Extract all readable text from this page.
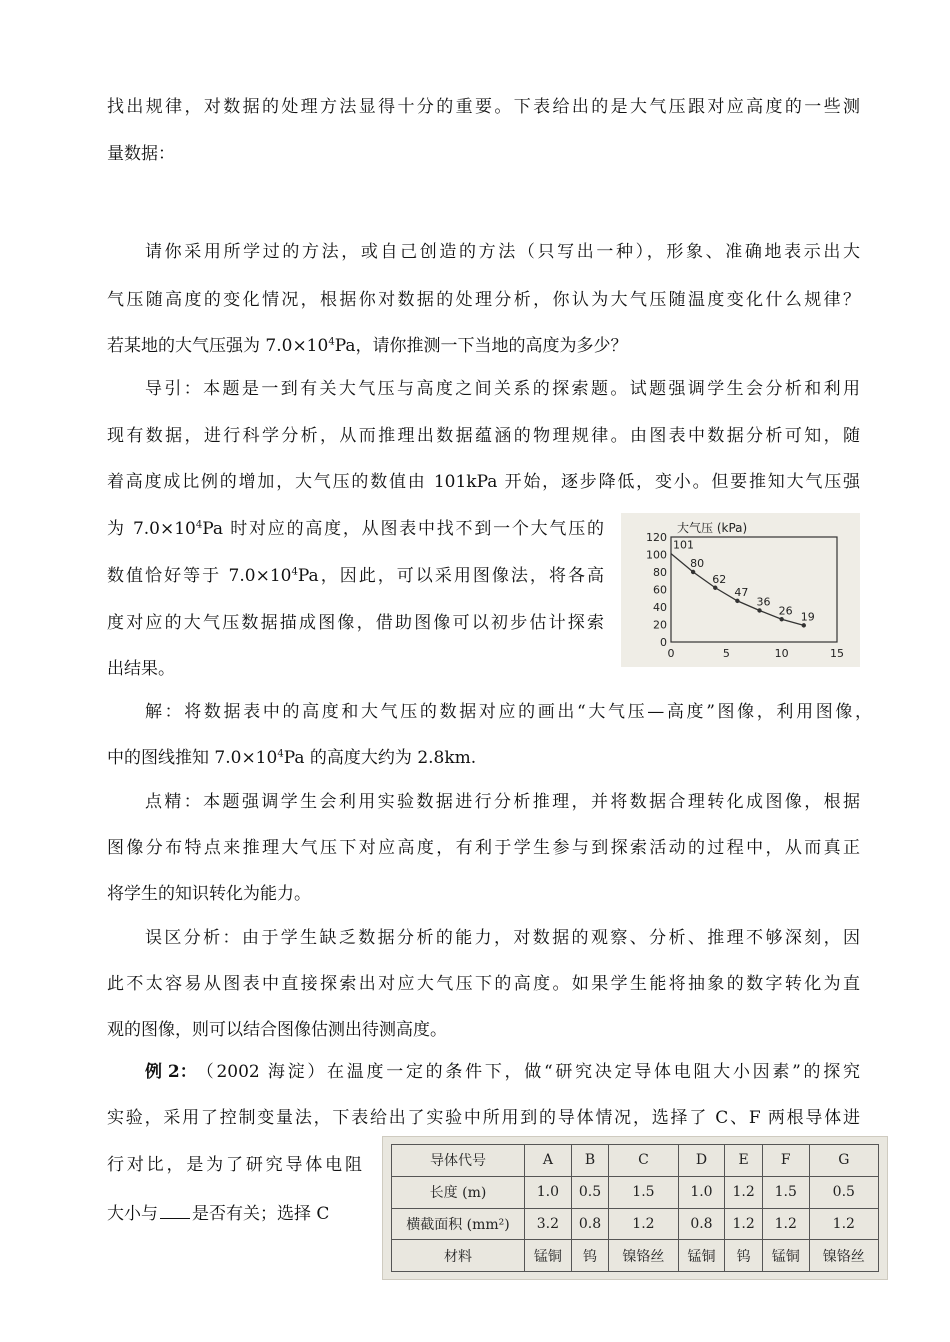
找出规律，对数据的处理方法显得十分的重要。下表给出的是大气压跟对应高度的一些测
量数据：
请你采用所学过的方法，或自己创造的方法（只写出一种），形象、准确地表示出大
气压随高度的变化情况，根据你对数据的处理分析，你认为大气压随温度变化什么规律？
若某地的大气压强为 $7.0\times 10^4Pa$，请你推测一下当地的高度为多少？
导引：本题是一到有关大气压与高度之间关系的探索题。试题强调学生会分析和利用
现有数据，进行科学分析，从而推理出数据蕴涵的物理规律。由图表中数据分析可知，随
着高度成比例的增加，大气压的数值由 101kPa 开始，逐步降低，变小。但要推知大气压强
为 $7.0\times 10^4Pa$ 时对应的高度，从图表中找不到一个大气压的
数值恰好等于 $7.0\times 10^4Pa$，因此，可以采用图像法，将各高
度对应的大气压数据描成图像，借助图像可以初步估计探索
出结果。
大气压 (kPa)
0
20
40
60
80
100
120
0	5	10	15
101
80
62
47
36
26 19
解：将数据表中的高度和大气压的数据对应的画出“大气压—高度”图像，利用图像，
中的图线推知 $7.0\times 10^4Pa$ 的高度大约为 2.8km.
点精：本题强调学生会利用实验数据进行分析推理，并将数据合理转化成图像，根据
图像分布特点来推理大气压下对应高度，有利于学生参与到探索活动的过程中，从而真正
将学生的知识转化为能力。
误区分析：由于学生缺乏数据分析的能力，对数据的观察、分析、推理不够深刻，因
此不太容易从图表中直接探索出对应大气压下的高度。如果学生能将抽象的数字转化为直
观的图像，则可以结合图像估测出待测高度。
例 2： （2002 海淀）在温度一定的条件下，做“研究决定导体电阻大小因素”的探究
实验，采用了控制变量法，下表给出了实验中所用到的导体情况，选择了 C、F 两根导体进
行对比，是为了研究导体电阻
大小与 是否有关；选择 C
导体代号	A	B	C	D	E	F	G
长度 (m)	1.0	0.5	1.5	1.0	1.2	1.5	0.5
横截面积 (mm²)	3.2	0.8	1.2	0.8	1.2	1.2	1.2
材料	锰铜	钨	镍铬丝	锰铜	钨	锰铜	镍铬丝
